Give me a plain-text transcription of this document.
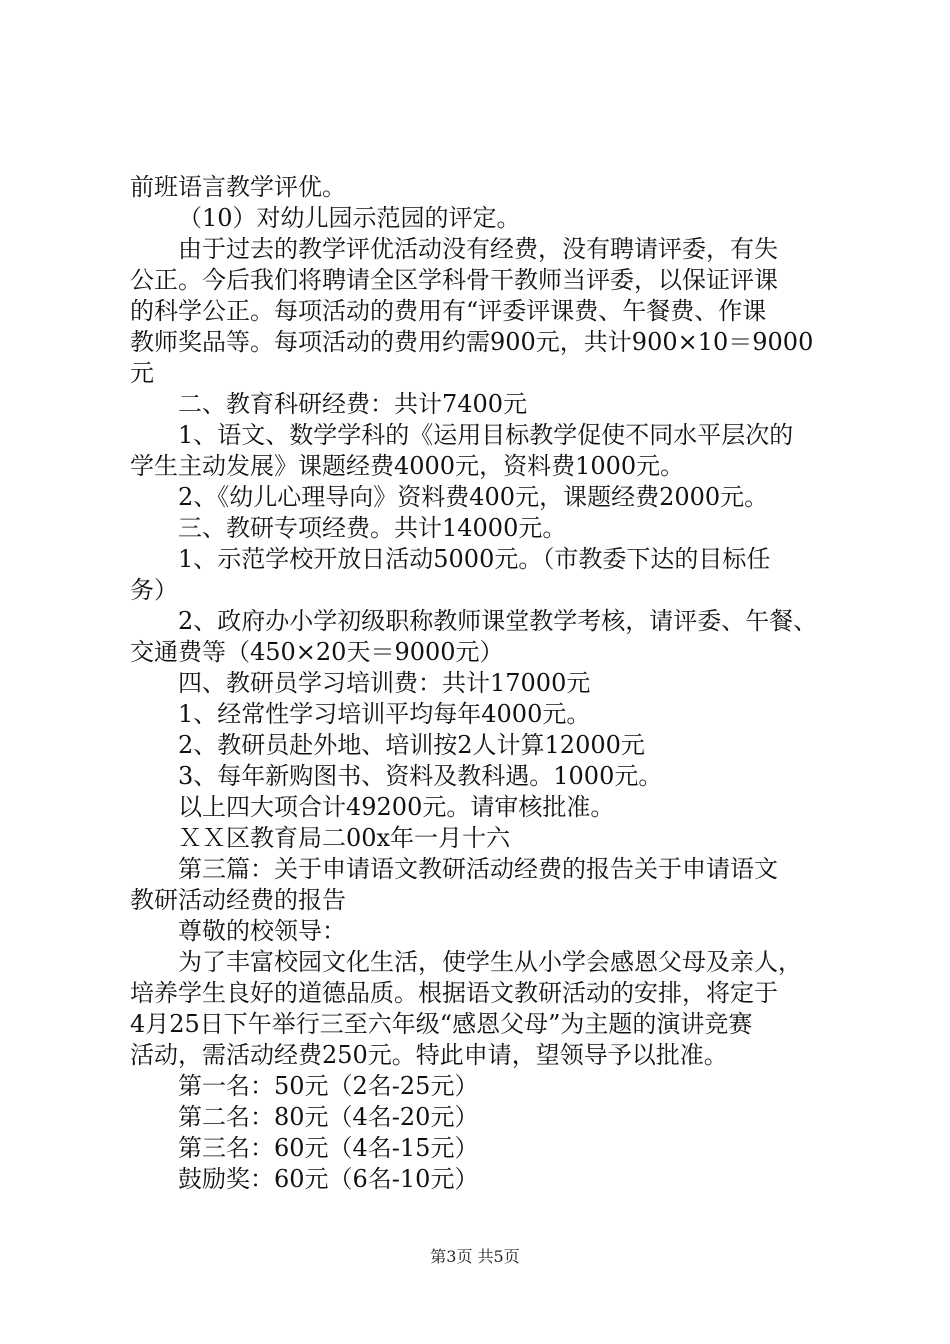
前班语言教学评优。
（10）对幼儿园示范园的评定。
由于过去的教学评优活动没有经费，没有聘请评委，有失
公正。今后我们将聘请全区学科骨干教师当评委，以保证评课
的科学公正。每项活动的费用有“评委评课费、午餐费、作课
教师奖品等。每项活动的费用约需900元，共计900×10＝9000
元
二、教育科研经费：共计7400元
1、语文、数学学科的《运用目标教学促使不同水平层次的
学生主动发展》课题经费4000元，资料费1000元。
2、《幼儿心理导向》资料费400元，课题经费2000元。
三、教研专项经费。共计14000元。
1、示范学校开放日活动5000元。（市教委下达的目标任
务）
2、政府办小学初级职称教师课堂教学考核，请评委、午餐、
交通费等（450×20天＝9000元）
四、教研员学习培训费：共计17000元
1、经常性学习培训平均每年4000元。
2、教研员赴外地、培训按2人计算12000元
3、每年新购图书、资料及教科遇。1000元。
以上四大项合计49200元。请审核批准。
ＸＸ区教育局二00x年一月十六
第三篇：关于申请语文教研活动经费的报告关于申请语文
教研活动经费的报告
尊敬的校领导：
为了丰富校园文化生活，使学生从小学会感恩父母及亲人，
培养学生良好的道德品质。根据语文教研活动的安排，将定于
4月25日下午举行三至六年级“感恩父母”为主题的演讲竞赛
活动，需活动经费250元。特此申请，望领导予以批准。
第一名：50元（2名-25元）
第二名：80元（4名-20元）
第三名：60元（4名-15元）
鼓励奖：60元（6名-10元）
第3页 共5页
